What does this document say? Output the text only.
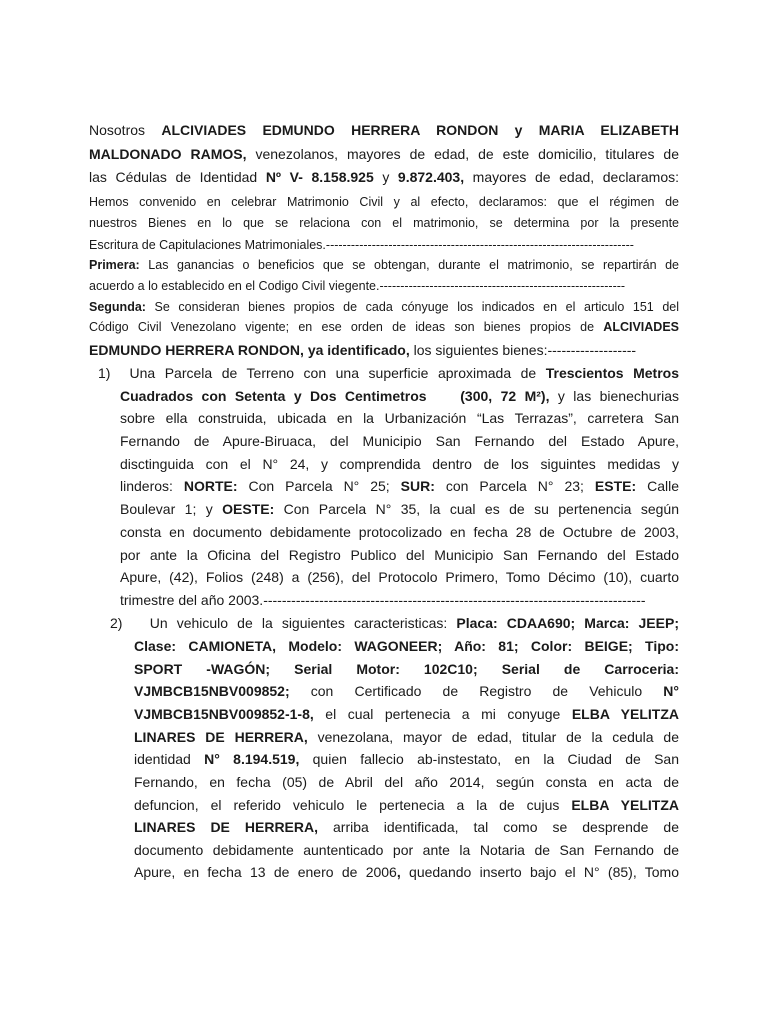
Nosotros ALCIVIADES EDMUNDO HERRERA RONDON y MARIA ELIZABETH
MALDONADO RAMOS, venezolanos, mayores de edad, de este domicilio, titulares de
las Cédulas de Identidad Nº V- 8.158.925 y 9.872.403, mayores de edad, declaramos:
Hemos convenido en celebrar Matrimonio Civil y al efecto, declaramos: que el régimen de
nuestros Bienes en lo que se relaciona con el matrimonio, se determina por la presente
Escritura de Capitulaciones Matrimoniales.--------------------------------------------------------------------------
Primera: Las ganancias o beneficios que se obtengan, durante el matrimonio, se repartirán de
acuerdo a lo establecido en el Codigo Civil viegente.-----------------------------------------------------------
Segunda: Se consideran bienes propios de cada cónyuge los indicados en el articulo 151 del
Código Civil Venezolano vigente; en ese orden de ideas son bienes propios de ALCIVIADES
EDMUNDO HERRERA RONDON, ya identificado, los siguientes bienes:-------------------
1)  Una Parcela de Terreno con una superficie aproximada de Trescientos Metros
Cuadrados con Setenta y Dos Centimetros    (300, 72 M²), y las bienechurias
sobre ella construida, ubicada en la Urbanización “Las Terrazas”, carretera San
Fernando de Apure-Biruaca, del Municipio San Fernando del Estado Apure,
disctinguida con el N° 24, y comprendida dentro de los siguintes medidas y
linderos: NORTE: Con Parcela N° 25; SUR: con Parcela N° 23; ESTE: Calle
Boulevar 1; y OESTE: Con Parcela N° 35, la cual es de su pertenencia según
consta en documento debidamente protocolizado en fecha 28 de Octubre de 2003,
por ante la Oficina del Registro Publico del Municipio San Fernando del Estado
Apure, (42), Folios (248) a (256), del Protocolo Primero, Tomo Décimo (10), cuarto
trimestre del año 2003.----------------------------------------------------------------------------------
2)   Un vehiculo de la siguientes caracteristicas: Placa: CDAA690; Marca: JEEP;
Clase: CAMIONETA, Modelo: WAGONEER; Año: 81; Color: BEIGE; Tipo:
SPORT -WAGÓN; Serial Motor: 102C10; Serial de Carroceria:
VJMBCB15NBV009852; con Certificado de Registro de Vehiculo N°
VJMBCB15NBV009852-1-8, el cual pertenecia a mi conyuge ELBA YELITZA
LINARES DE HERRERA, venezolana, mayor de edad, titular de la cedula de
identidad N° 8.194.519, quien fallecio ab-instestato, en la Ciudad de San
Fernando, en fecha (05) de Abril del año 2014, según consta en acta de
defuncion, el referido vehiculo le pertenecia a la de cujus ELBA YELITZA
LINARES DE HERRERA, arriba identificada, tal como se desprende de
documento debidamente auntenticado por ante la Notaria de San Fernando de
Apure, en fecha 13 de enero de 2006, quedando inserto bajo el N° (85), Tomo
